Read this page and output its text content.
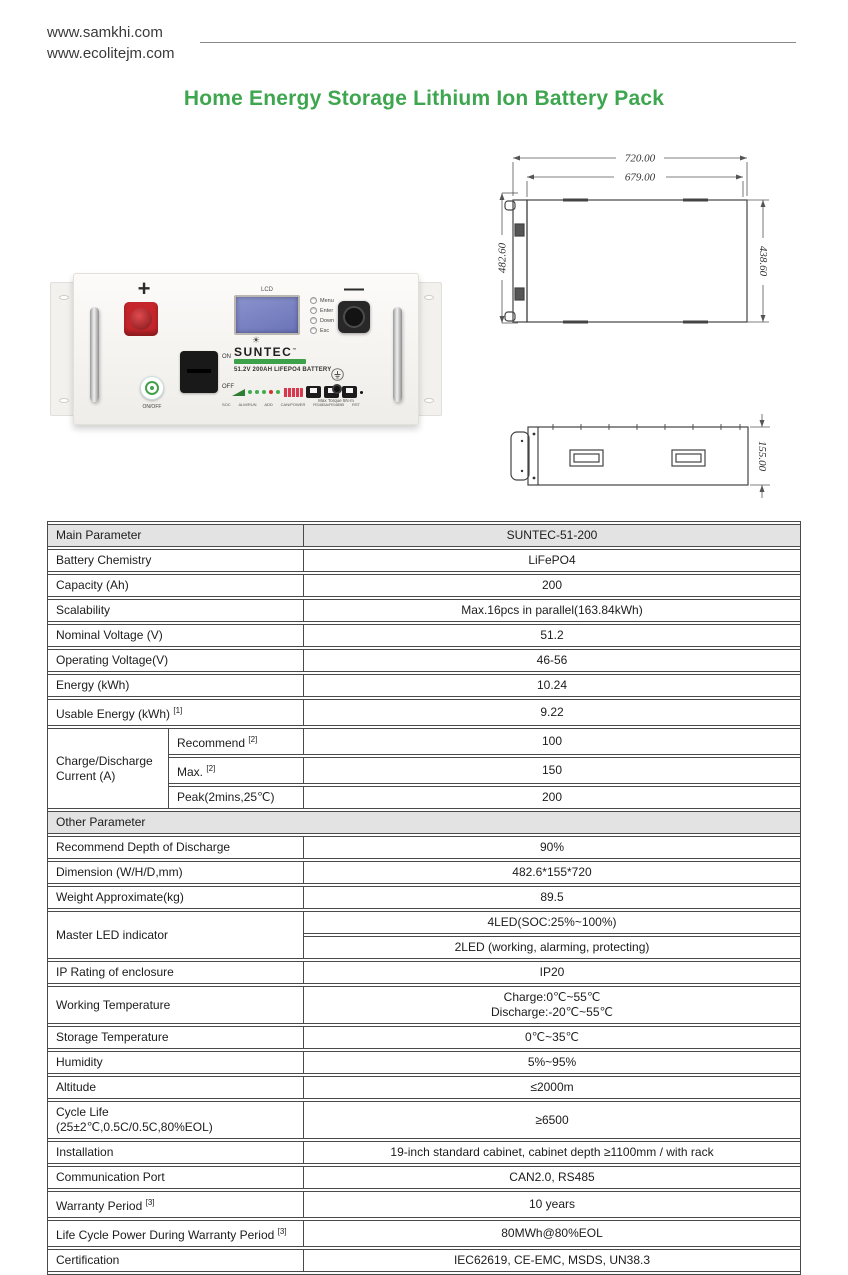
www.samkhi.com
www.ecolitejm.com
Home Energy Storage Lithium Ion Battery Pack
+
ON/OFF
ON
OFF
LCD
Menu
Enter
Down
Esc
☀
SUNTEC™
51.2V 200AH LIFEPO4 BATTERY
SOC ALM/RUN ADD CAN/POWER RS485A/RS485B RST
—
Max Torque 5N·m
720.00
679.00
482.60	438.60
155.00
Main Parameter		SUNTEC-51-200
Battery Chemistry		LiFePO4
Capacity (Ah)		200
Scalability		Max.16pcs in parallel(163.84kWh)
Nominal Voltage (V)		51.2
Operating Voltage(V)		46-56
Energy (kWh)		10.24
Usable Energy (kWh) [1]		9.22
Charge/Discharge Current (A)	Recommend [2]	100
	Max. [2]	150
	Peak(2mins,25℃)	200
Other Parameter		
Recommend Depth of Discharge		90%
Dimension (W/H/D,mm)		482.6*155*720
Weight Approximate(kg)		89.5
Master LED indicator		4LED(SOC:25%~100%)
		2LED (working, alarming, protecting)
IP Rating of enclosure		IP20
Working Temperature		Charge:0℃~55℃
Discharge:-20℃~55℃

Storage Temperature		0℃~35℃
Humidity		5%~95%
Altitude		≤2000m

Cycle Life
(25±2℃,0.5C/0.5C,80%EOL)		≥6500
Installation		19-inch standard cabinet, cabinet depth ≥1100mm / with rack
Communication Port		CAN2.0, RS485
Warranty Period [3]		10 years
Life Cycle Power During Warranty Period [3]		80MWh@80%EOL
Certification		IEC62619, CE-EMC, MSDS, UN38.3
